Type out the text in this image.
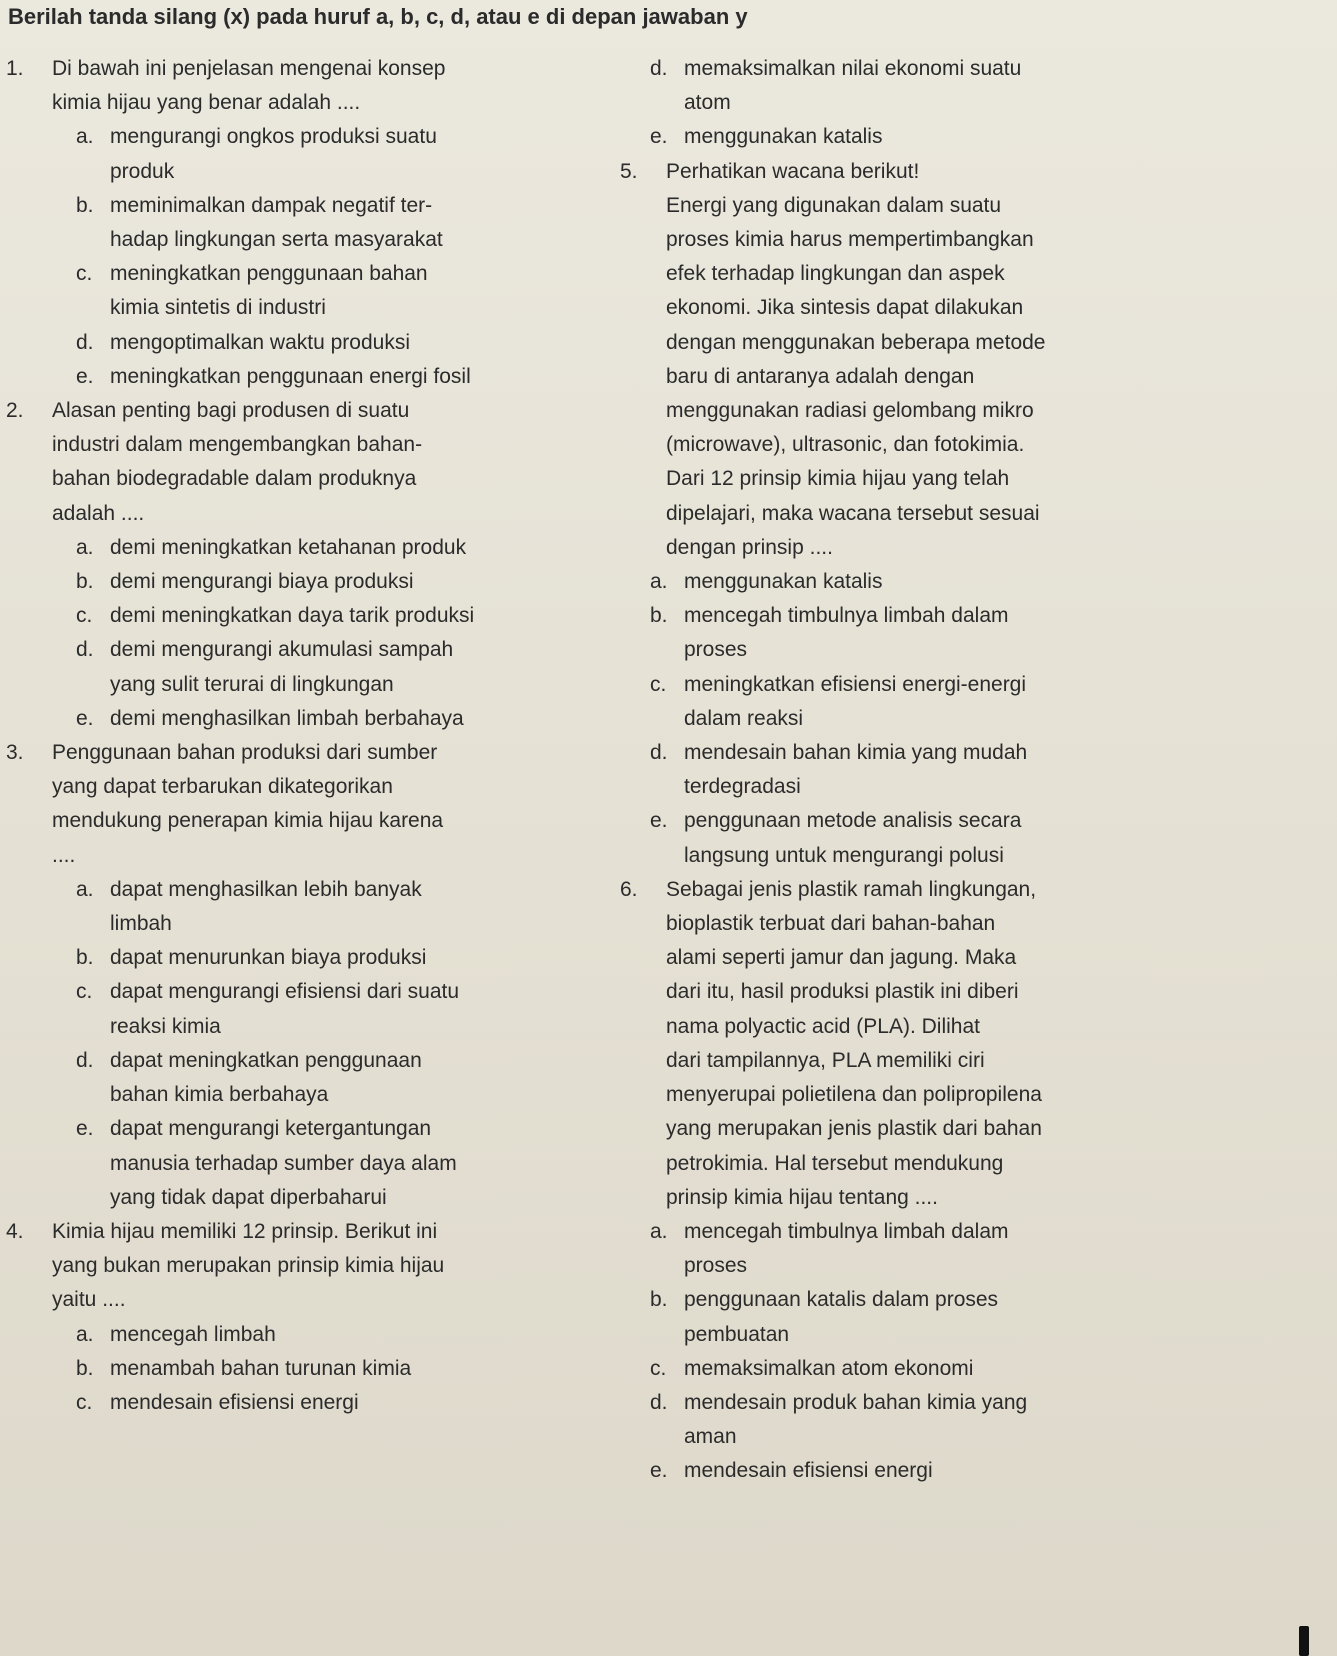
Berilah tanda silang (x) pada huruf a, b, c, d, atau e di depan jawaban y
1.	Di bawah ini penjelasan mengenai konsep
kimia hijau yang benar adalah ....
a. mengurangi ongkos produksi suatu
produk
b. meminimalkan dampak negatif ter-
hadap lingkungan serta masyarakat
c. meningkatkan penggunaan bahan
kimia sintetis di industri
d. mengoptimalkan waktu produksi
e. meningkatkan penggunaan energi fosil
2.	Alasan penting bagi produsen di suatu
industri dalam mengembangkan bahan-
bahan biodegradable dalam produknya
adalah ....
a. demi meningkatkan ketahanan produk
b. demi mengurangi biaya produksi
c. demi meningkatkan daya tarik produksi
d. demi mengurangi akumulasi sampah
yang sulit terurai di lingkungan
e. demi menghasilkan limbah berbahaya
3.	Penggunaan bahan produksi dari sumber
yang dapat terbarukan dikategorikan
mendukung penerapan kimia hijau karena
....
a. dapat menghasilkan lebih banyak
limbah
b. dapat menurunkan biaya produksi
c. dapat mengurangi efisiensi dari suatu
reaksi kimia
d. dapat meningkatkan penggunaan
bahan kimia berbahaya
e. dapat mengurangi ketergantungan
manusia terhadap sumber daya alam
yang tidak dapat diperbaharui
4.	Kimia hijau memiliki 12 prinsip. Berikut ini
yang bukan merupakan prinsip kimia hijau
yaitu ....
a. mencegah limbah
b. menambah bahan turunan kimia
c. mendesain efisiensi energi
d. memaksimalkan nilai ekonomi suatu
atom
e. menggunakan katalis
5.	Perhatikan wacana berikut!
Energi yang digunakan dalam suatu
proses kimia harus mempertimbangkan
efek terhadap lingkungan dan aspek
ekonomi. Jika sintesis dapat dilakukan
dengan menggunakan beberapa metode
baru di antaranya adalah dengan
menggunakan radiasi gelombang mikro
(microwave), ultrasonic, dan fotokimia.
Dari 12 prinsip kimia hijau yang telah
dipelajari, maka wacana tersebut sesuai
dengan prinsip ....
a. menggunakan katalis
b. mencegah timbulnya limbah dalam
proses
c. meningkatkan efisiensi energi-energi
dalam reaksi
d. mendesain bahan kimia yang mudah
terdegradasi
e. penggunaan metode analisis secara
langsung untuk mengurangi polusi
6.	Sebagai jenis plastik ramah lingkungan,
bioplastik terbuat dari bahan-bahan
alami seperti jamur dan jagung. Maka
dari itu, hasil produksi plastik ini diberi
nama polyactic acid (PLA). Dilihat
dari tampilannya, PLA memiliki ciri
menyerupai polietilena dan polipropilena
yang merupakan jenis plastik dari bahan
petrokimia. Hal tersebut mendukung
prinsip kimia hijau tentang ....
a. mencegah timbulnya limbah dalam
proses
b. penggunaan katalis dalam proses
pembuatan
c. memaksimalkan atom ekonomi
d. mendesain produk bahan kimia yang
aman
e. mendesain efisiensi energi
